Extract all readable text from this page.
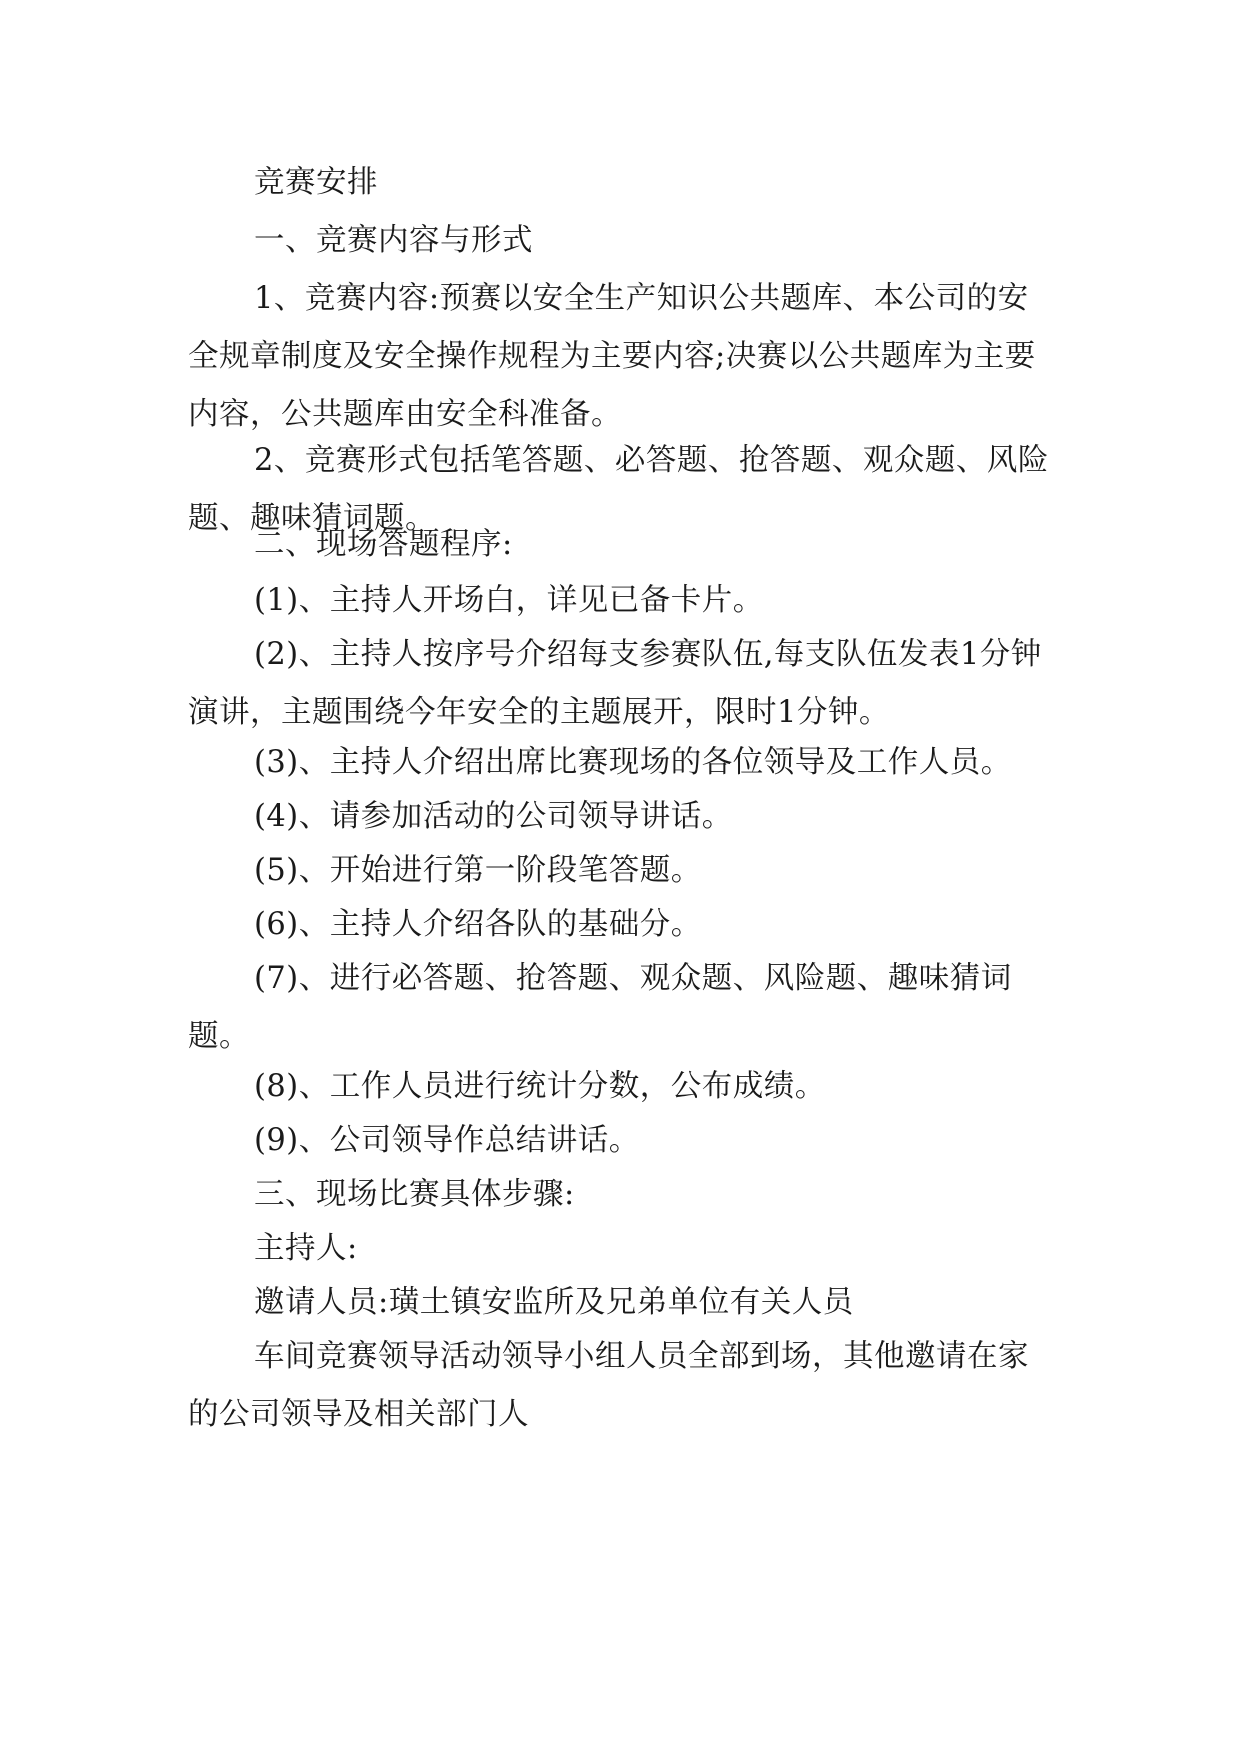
竞赛安排

一、竞赛内容与形式

1、竞赛内容:预赛以安全生产知识公共题库、本公司的安全规章制度及安全操作规程为主要内容;决赛以公共题库为主要内容，公共题库由安全科准备。

2、竞赛形式包括笔答题、必答题、抢答题、观众题、风险题、趣味猜词题。

二、现场答题程序:

(1)、主持人开场白，详见已备卡片。

(2)、主持人按序号介绍每支参赛队伍,每支队伍发表1分钟演讲，主题围绕今年安全的主题展开，限时1分钟。

(3)、主持人介绍出席比赛现场的各位领导及工作人员。

(4)、请参加活动的公司领导讲话。

(5)、开始进行第一阶段笔答题。

(6)、主持人介绍各队的基础分。

(7)、进行必答题、抢答题、观众题、风险题、趣味猜词题。

(8)、工作人员进行统计分数，公布成绩。

(9)、公司领导作总结讲话。

三、现场比赛具体步骤:

主持人:

邀请人员:璜土镇安监所及兄弟单位有关人员

车间竞赛领导活动领导小组人员全部到场，其他邀请在家的公司领导及相关部门人
